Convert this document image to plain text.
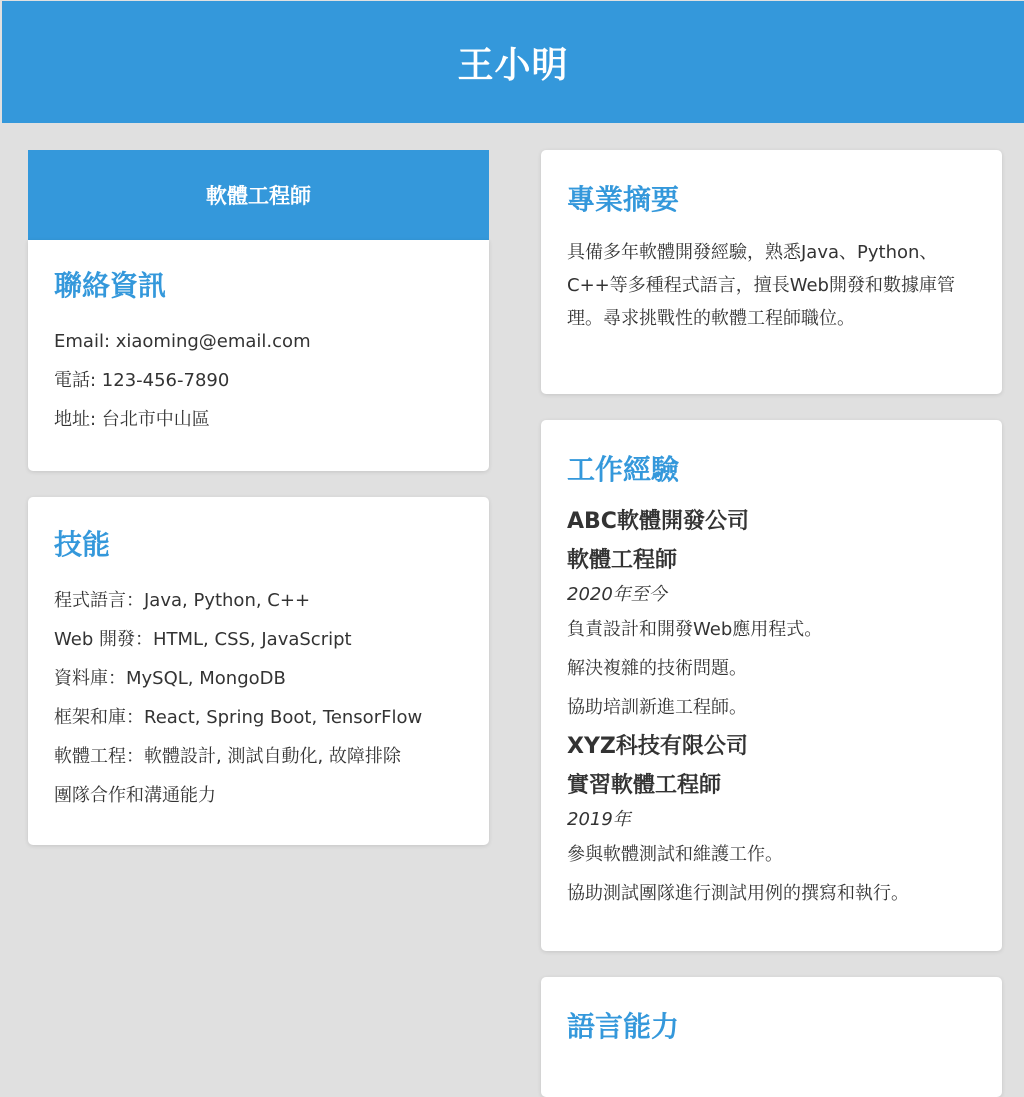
王小明
軟體工程師
聯絡資訊
Email: xiaoming@email.com
電話: 123-456-7890
地址: 台北市中山區
技能
程式語言：Java, Python, C++
Web 開發：HTML, CSS, JavaScript
資料庫：MySQL, MongoDB
框架和庫：React, Spring Boot, TensorFlow
軟體工程：軟體設計, 測試自動化, 故障排除
團隊合作和溝通能力
專業摘要

具備多年軟體開發經驗，熟悉Java、Python、C++等多種程式語言，擅長Web開發和數據庫管理。尋求挑戰性的軟體工程師職位。

工作經驗
ABC軟體開發公司
軟體工程師
2020年至今
負責設計和開發Web應用程式。
解決複雜的技術問題。
協助培訓新進工程師。
XYZ科技有限公司
實習軟體工程師
2019年
參與軟體測試和維護工作。
協助測試團隊進行測試用例的撰寫和執行。
語言能力
